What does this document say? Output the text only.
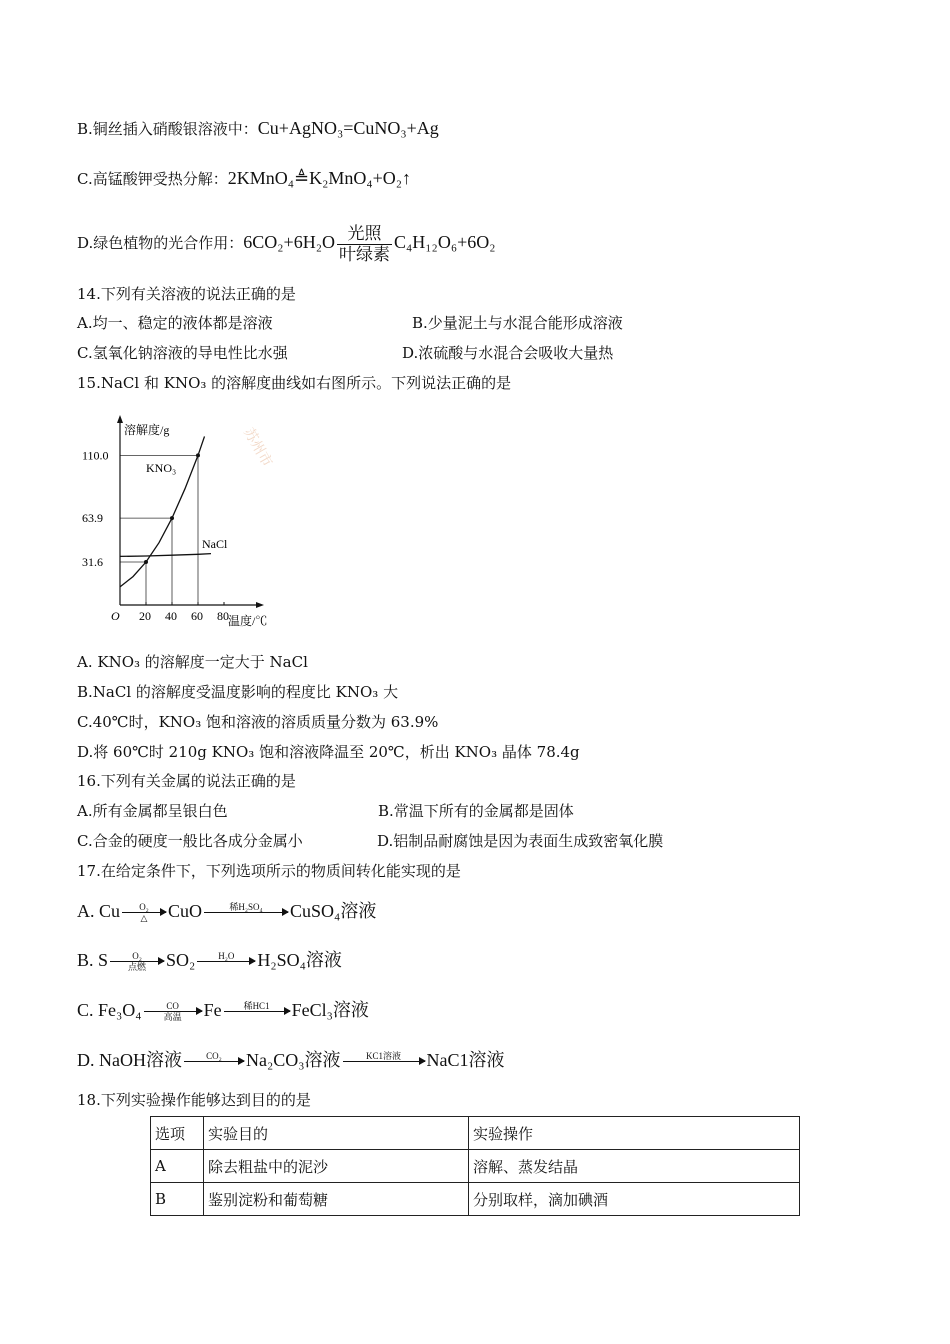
B.铜丝插入硝酸银溶液中：Cu+AgNO₃=CuNO₃+Ag
C.高锰酸钾受热分解：2KMnO₄≜K₂MnO₄+O₂↑
D.绿色植物的光合作用：$6CO_2+6H_2O \frac{\text{光照}}{\text{叶绿素}} C_4H_{12}O_6+6O_2$
14.下列有关溶液的说法正确的是
A.均一、稳定的液体都是溶液	B.少量泥土与水混合能形成溶液
C.氢氧化钠溶液的导电性比水强	D.浓硫酸与水混合会吸收大量热
15.NaCl 和 KNO₃ 的溶解度曲线如右图所示。下列说法正确的是
苏州市
溶解度/g
温度/℃
O 20 40 60 80
31.6
63.9
110.0
KNO₃
NaCl
A. KNO₃ 的溶解度一定大于 NaCl
B.NaCl 的溶解度受温度影响的程度比 KNO₃ 大
C.40℃时，KNO₃ 饱和溶液的溶质质量分数为 63.9%
D.将 60℃时 210g KNO₃ 饱和溶液降温至 20℃，析出 KNO₃ 晶体 78.4g
16.下列有关金属的说法正确的是
A.所有金属都呈银白色	B.常温下所有的金属都是固体
C.合金的硬度一般比各成分金属小	D.铝制品耐腐蚀是因为表面生成致密氧化膜
17.在给定条件下，下列选项所示的物质间转化能实现的是
A. Cu	O₂
△	CuO	稀H₂SO₄	CuSO₄溶液
B. S	O₂
点燃	SO₂	H₂O	H₂SO₄溶液
C. Fe₃O₄	CO
高温	Fe	稀HC1	FeCl₃溶液
D. NaOH溶液	CO₂	Na₂CO₃溶液	KC1溶液	NaC1溶液
18.下列实验操作能够达到目的的是
选项	实验目的	实验操作
A	除去粗盐中的泥沙	溶解、蒸发结晶
B	鉴别淀粉和葡萄糖	分别取样，滴加碘酒
